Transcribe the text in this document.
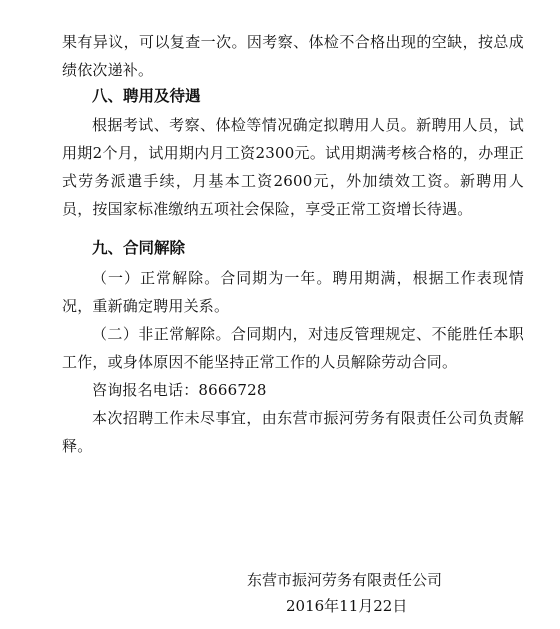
果有异议，可以复查一次。因考察、体检不合格出现的空缺，按总成绩依次递补。

八、聘用及待遇

根据考试、考察、体检等情况确定拟聘用人员。新聘用人员，试用期2个月，试用期内月工资2300元。试用期满考核合格的，办理正式劳务派遣手续，月基本工资2600元，外加绩效工资。新聘用人员，按国家标准缴纳五项社会保险，享受正常工资增长待遇。

九、合同解除

（一）正常解除。合同期为一年。聘用期满，根据工作表现情况，重新确定聘用关系。

（二）非正常解除。合同期内，对违反管理规定、不能胜任本职工作，或身体原因不能坚持正常工作的人员解除劳动合同。

咨询报名电话：8666728

本次招聘工作未尽事宜，由东营市振河劳务有限责任公司负责解释。

东营市振河劳务有限责任公司
2016年11月22日
